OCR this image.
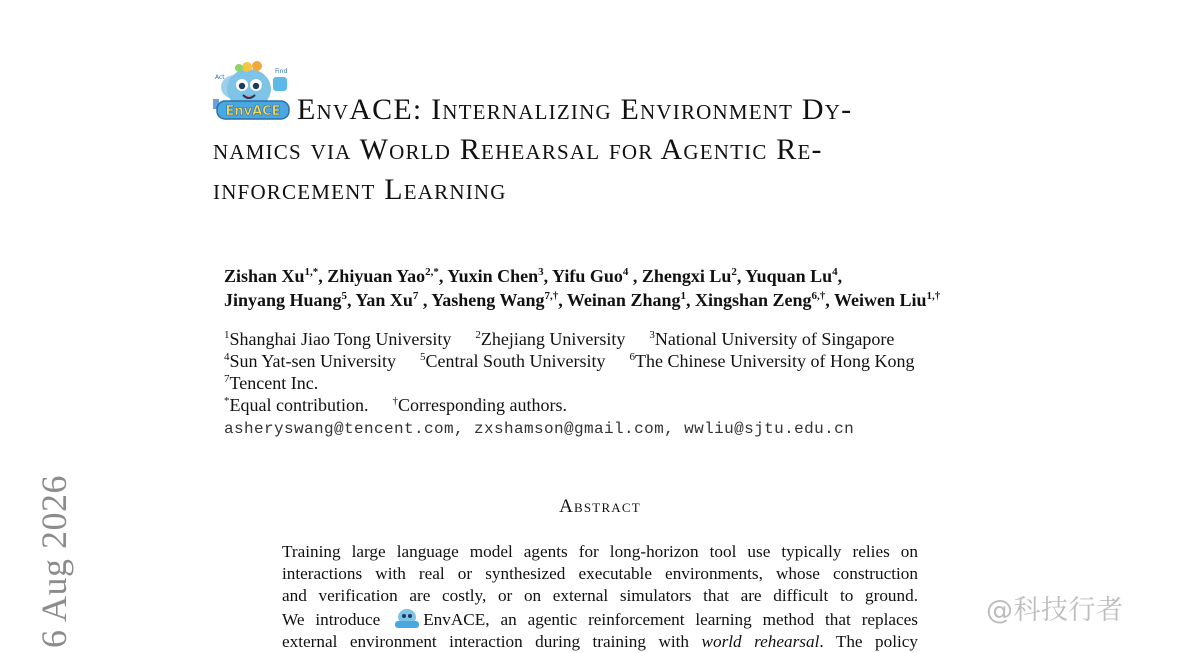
6 Aug 2026
EnvACE
Act
Find
EnvACE: Internalizing Environment Dy-
namics via World Rehearsal for Agentic Re-
inforcement Learning
Zishan $Xu^{1,*}$, Zhiyuan Yao$^{2,*}$, Yuxin Chen$^3$, Yifu Guo$^4$ , Zhengxi Lu$^2$, Yuquan Lu$^4$,
Jinyang Huang$^5$, Yan Xu$^7$ , Yasheng Wang$^{7,\dagger}$, Weinan Zhang$^1$, Xingshan Zeng$^{6,\dagger}$, Weiwen Liu$^{1,\dagger}$
$^1$Shanghai Jiao Tong University $^2$Zhejiang University $^3$National University of Singapore
$^4$Sun Yat-sen University $^5$Central South University $^6$The Chinese University of Hong Kong
$^7$Tencent Inc.
*Equal contribution. †Corresponding authors.
asheryswang@tencent.com, zxshamson@gmail.com, wwliu@sjtu.edu.cn
Abstract
Training large language model agents for long-horizon tool use typically relies on
interactions with real or synthesized executable environments, whose construction
and verification are costly, or on external simulators that are difficult to ground.
We introduce EnvACE, an agentic reinforcement learning method that replaces
external environment interaction during training with world rehearsal. The policy
@科技行者
